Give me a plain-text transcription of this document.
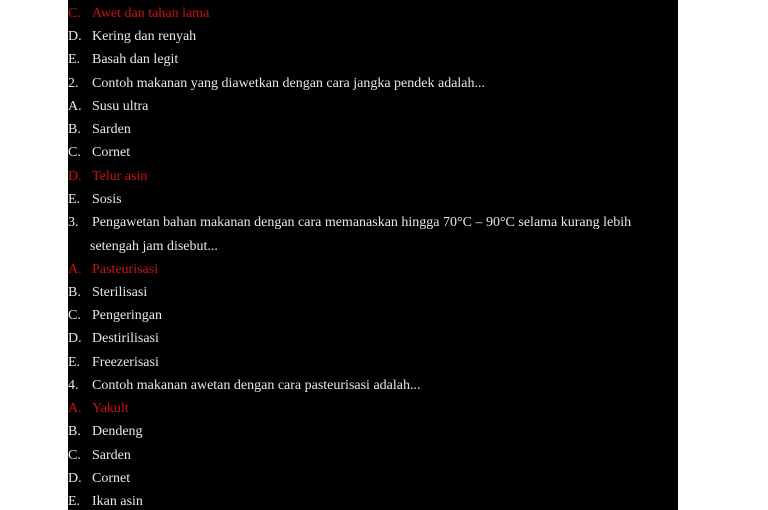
C. Awet dan tahan lama
D. Kering dan renyah
E. Basah dan legit
2. Contoh makanan yang diawetkan dengan cara jangka pendek adalah...
A. Susu ultra
B. Sarden
C. Cornet
D. Telur asin
E. Sosis
3. Pengawetan bahan makanan dengan cara memanaskan hingga 70°C – 90°C selama kurang lebih
setengah jam disebut...
A. Pasteurisasi
B. Sterilisasi
C. Pengeringan
D. Destirilisasi
E. Freezerisasi
4. Contoh makanan awetan dengan cara pasteurisasi adalah...
A. Yakult
B. Dendeng
C. Sarden
D. Cornet
E. Ikan asin
